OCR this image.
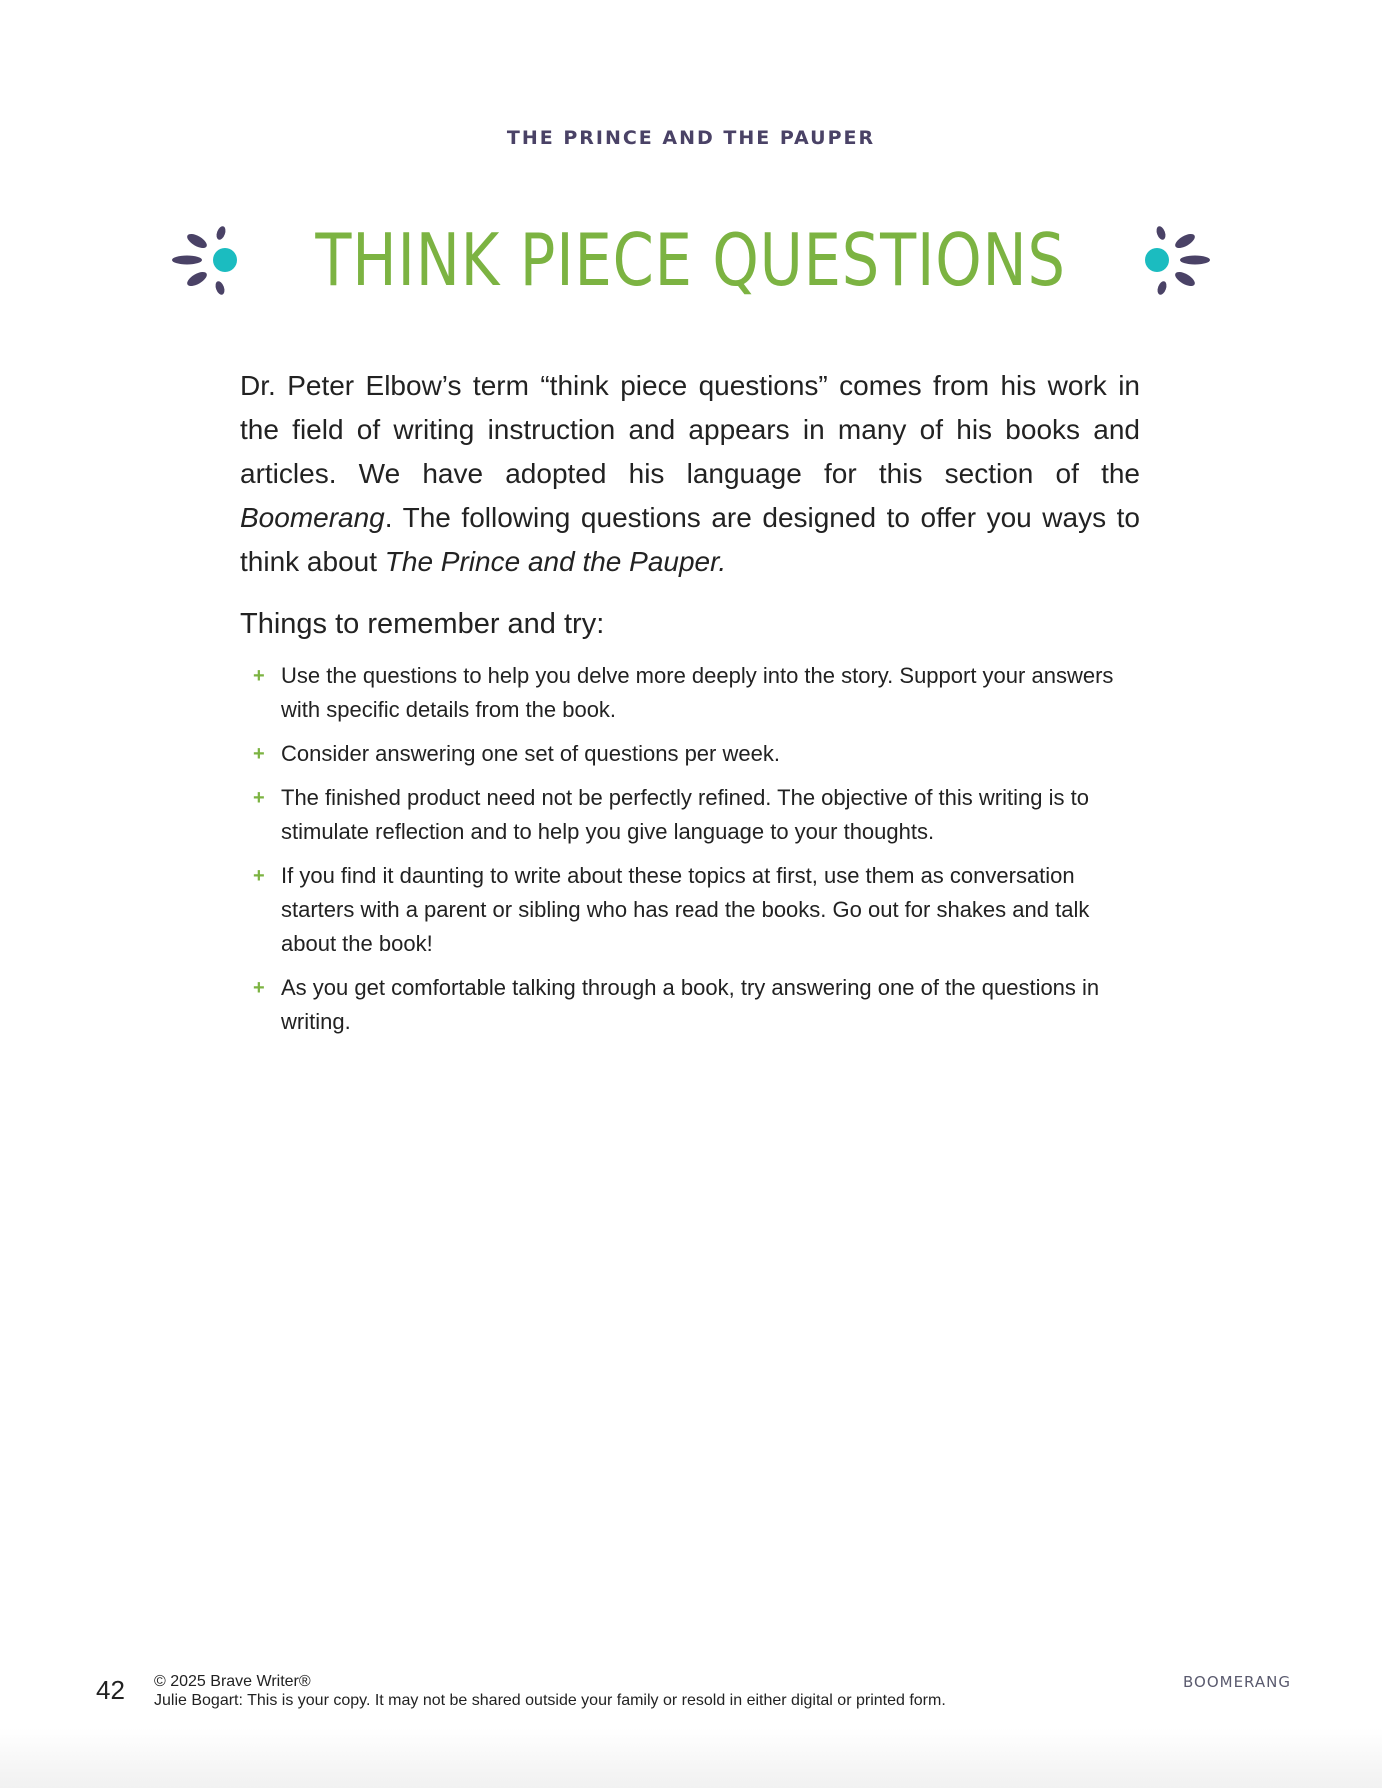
THE PRINCE AND THE PAUPER
THINK PIECE QUESTIONS

Dr. Peter Elbow’s term “think piece questions” comes from his work in the field of writing instruction and appears in many of his books and articles. We have adopted his language for this section of the Boomerang. The following questions are designed to offer you ways to think about The Prince and the Pauper.

Things to remember and try:
+ Use the questions to help you delve more deeply into the story. Support your answers with specific details from the book.
+ Consider answering one set of questions per week.
+ The finished product need not be perfectly refined. The objective of this writing is to stimulate reflection and to help you give language to your thoughts.
+ If you find it daunting to write about these topics at first, use them as conversation starters with a parent or sibling who has read the books. Go out for shakes and talk about the book!
+ As you get comfortable talking through a book, try answering one of the questions in writing.
42 © 2025 Brave Writer®
Julie Bogart: This is your copy. It may not be shared outside your family or resold in either digital or printed form.
BOOMERANG
